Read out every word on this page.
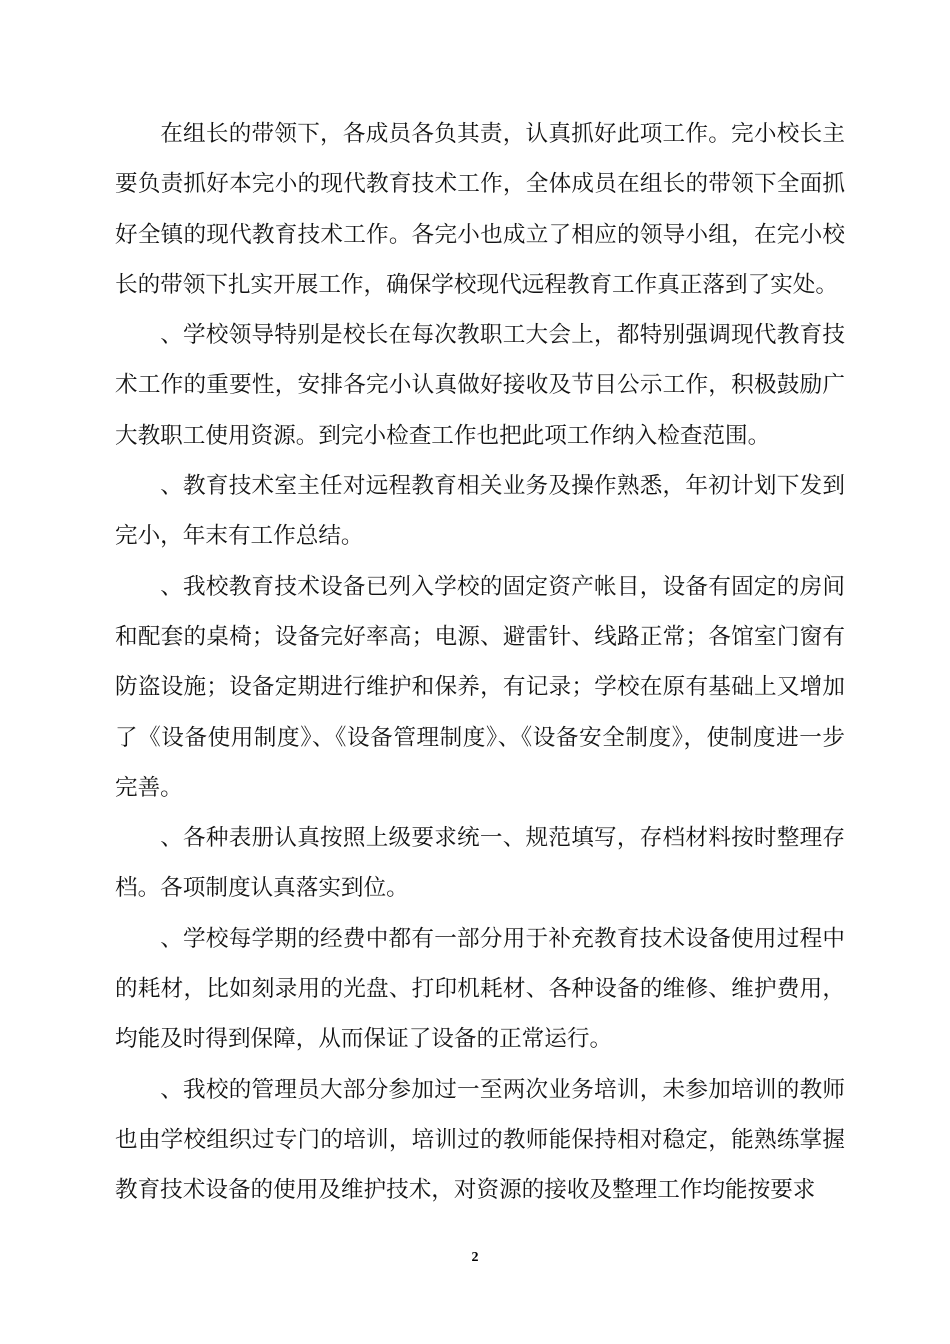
在组长的带领下，各成员各负其责，认真抓好此项工作。完小校长主要负责抓好本完小的现代教育技术工作，全体成员在组长的带领下全面抓好全镇的现代教育技术工作。各完小也成立了相应的领导小组，在完小校长的带领下扎实开展工作，确保学校现代远程教育工作真正落到了实处。

、学校领导特别是校长在每次教职工大会上，都特别强调现代教育技术工作的重要性，安排各完小认真做好接收及节目公示工作，积极鼓励广大教职工使用资源。到完小检查工作也把此项工作纳入检查范围。

、教育技术室主任对远程教育相关业务及操作熟悉，年初计划下发到完小，年末有工作总结。

、我校教育技术设备已列入学校的固定资产帐目，设备有固定的房间和配套的桌椅；设备完好率高；电源、避雷针、线路正常；各馆室门窗有防盗设施；设备定期进行维护和保养，有记录；学校在原有基础上又增加了《设备使用制度》、《设备管理制度》、《设备安全制度》，使制度进一步完善。

、各种表册认真按照上级要求统一、规范填写，存档材料按时整理存档。各项制度认真落实到位。

、学校每学期的经费中都有一部分用于补充教育技术设备使用过程中的耗材，比如刻录用的光盘、打印机耗材、各种设备的维修、维护费用，均能及时得到保障，从而保证了设备的正常运行。

、我校的管理员大部分参加过一至两次业务培训，未参加培训的教师也由学校组织过专门的培训，培训过的教师能保持相对稳定，能熟练掌握教育技术设备的使用及维护技术，对资源的接收及整理工作均能按要求

2
